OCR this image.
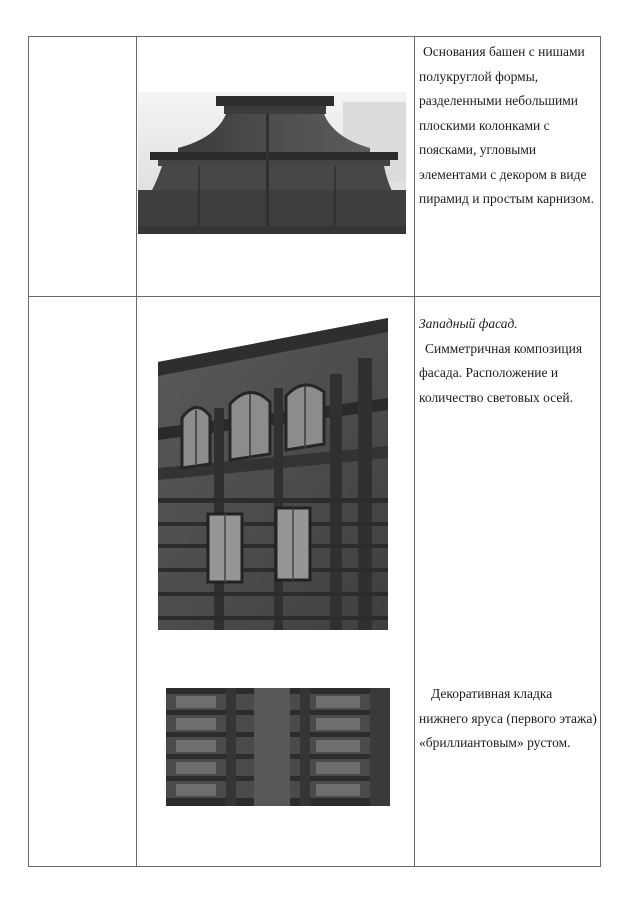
Основания башен с нишами полукруглой формы, разделенными небольшими плоскими колонками с поясками, угловыми элементами с декором в виде пирамид и простым карнизом.

Западный фасад.

Симметричная композиция фасада. Расположение и количество световых осей.

Декоративная кладка нижнего яруса (первого этажа) «бриллиантовым» рустом.
